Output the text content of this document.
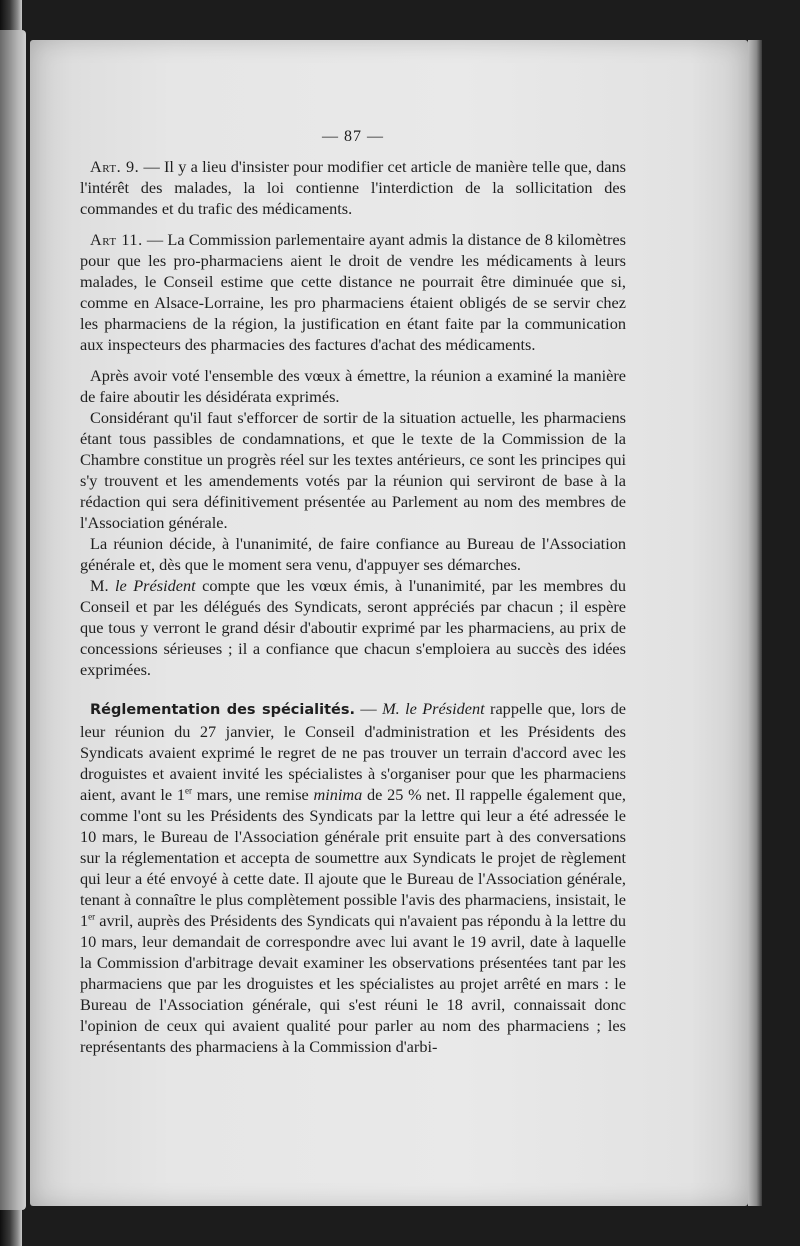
— 87 —

Art. 9. — Il y a lieu d'insister pour modifier cet article de manière telle que, dans l'intérêt des malades, la loi contienne l'interdiction de la sollicitation des commandes et du trafic des médicaments.

Art 11. — La Commission parlementaire ayant admis la distance de 8 kilomètres pour que les pro-pharmaciens aient le droit de vendre les médicaments à leurs malades, le Conseil estime que cette distance ne pourrait être diminuée que si, comme en Alsace-Lorraine, les pro pharmaciens étaient obligés de se servir chez les pharmaciens de la région, la justification en étant faite par la communication aux inspecteurs des pharmacies des factures d'achat des médicaments.

Après avoir voté l'ensemble des vœux à émettre, la réunion a examiné la manière de faire aboutir les désidérata exprimés.

Considérant qu'il faut s'efforcer de sortir de la situation actuelle, les pharmaciens étant tous passibles de condamnations, et que le texte de la Commission de la Chambre constitue un progrès réel sur les textes antérieurs, ce sont les principes qui s'y trouvent et les amendements votés par la réunion qui serviront de base à la rédaction qui sera définitivement présentée au Parlement au nom des membres de l'Association générale.

La réunion décide, à l'unanimité, de faire confiance au Bureau de l'Association générale et, dès que le moment sera venu, d'appuyer ses démarches.

M. le Président compte que les vœux émis, à l'unanimité, par les membres du Conseil et par les délégués des Syndicats, seront appréciés par chacun ; il espère que tous y verront le grand désir d'aboutir exprimé par les pharmaciens, au prix de concessions sérieuses ; il a confiance que chacun s'emploiera au succès des idées exprimées.

Réglementation des spécialités. — M. le Président rappelle que, lors de leur réunion du 27 janvier, le Conseil d'administration et les Présidents des Syndicats avaient exprimé le regret de ne pas trouver un terrain d'accord avec les droguistes et avaient invité les spécialistes à s'organiser pour que les pharmaciens aient, avant le 1er mars, une remise minima de 25 % net. Il rappelle également que, comme l'ont su les Présidents des Syndicats par la lettre qui leur a été adressée le 10 mars, le Bureau de l'Association générale prit ensuite part à des conversations sur la réglementation et accepta de soumettre aux Syndicats le projet de règlement qui leur a été envoyé à cette date. Il ajoute que le Bureau de l'Association générale, tenant à connaître le plus complètement possible l'avis des pharmaciens, insistait, le 1er avril, auprès des Présidents des Syndicats qui n'avaient pas répondu à la lettre du 10 mars, leur demandait de correspondre avec lui avant le 19 avril, date à laquelle la Commission d'arbitrage devait examiner les observations présentées tant par les pharmaciens que par les droguistes et les spécialistes au projet arrêté en mars : le Bureau de l'Association générale, qui s'est réuni le 18 avril, connaissait donc l'opinion de ceux qui avaient qualité pour parler au nom des pharmaciens ; les représentants des pharmaciens à la Commission d'arbi-
